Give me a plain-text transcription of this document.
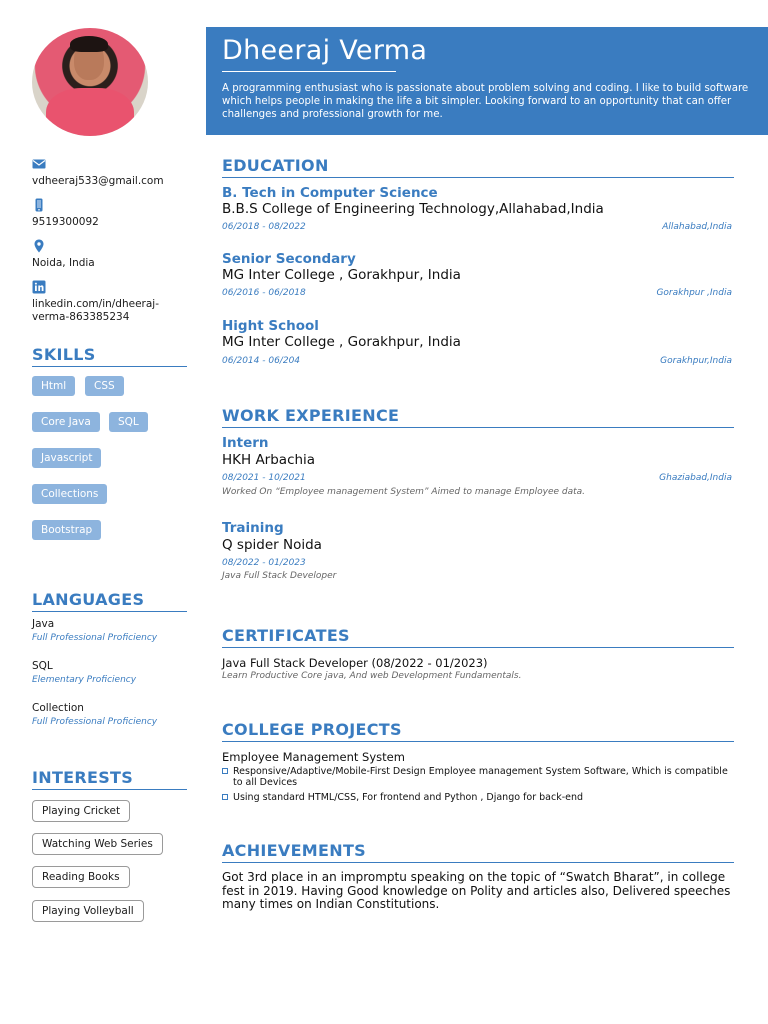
vdheeraj533@gmail.com
9519300092
Noida, India
linkedin.com/in/dheeraj-
verma-863385234
SKILLS
Html	CSS
Core Java	SQL
Javascript
Collections
Bootstrap
LANGUAGES
Java
Full Professional Proficiency
SQL
Elementary Proficiency
Collection
Full Professional Proficiency
INTERESTS
Playing Cricket
Watching Web Series
Reading Books
Playing Volleyball
Dheeraj Verma
A programming enthusiast who is passionate about problem solving and coding. I like to build software which helps people in making the life a bit simpler. Looking forward to an opportunity that can offer challenges and professional growth for me.
EDUCATION
B. Tech in Computer Science
B.B.S College of Engineering Technology,Allahabad,India
06/2018 - 08/2022	Allahabad,India
Senior Secondary
MG Inter College , Gorakhpur, India
06/2016 - 06/2018	Gorakhpur ,India
Hight School
MG Inter College , Gorakhpur, India
06/2014 - 06/204	Gorakhpur,India
WORK EXPERIENCE
Intern
HKH Arbachia
08/2021 - 10/2021	Ghaziabad,India
Worked On “Employee management System” Aimed to manage Employee data.
Training
Q spider Noida
08/2022 - 01/2023
Java Full Stack Developer
CERTIFICATES
Java Full Stack Developer (08/2022 - 01/2023)
Learn Productive Core java, And web Development Fundamentals.
COLLEGE PROJECTS
Employee Management System
Responsive/Adaptive/Mobile-First Design Employee management System Software, Which is compatible to all Devices
Using standard HTML/CSS, For frontend and Python , Django for back-end
ACHIEVEMENTS
Got 3rd place in an impromptu speaking on the topic of “Swatch Bharat”, in college fest in 2019. Having Good knowledge on Polity and articles also, Delivered speeches many times on Indian Constitutions.
